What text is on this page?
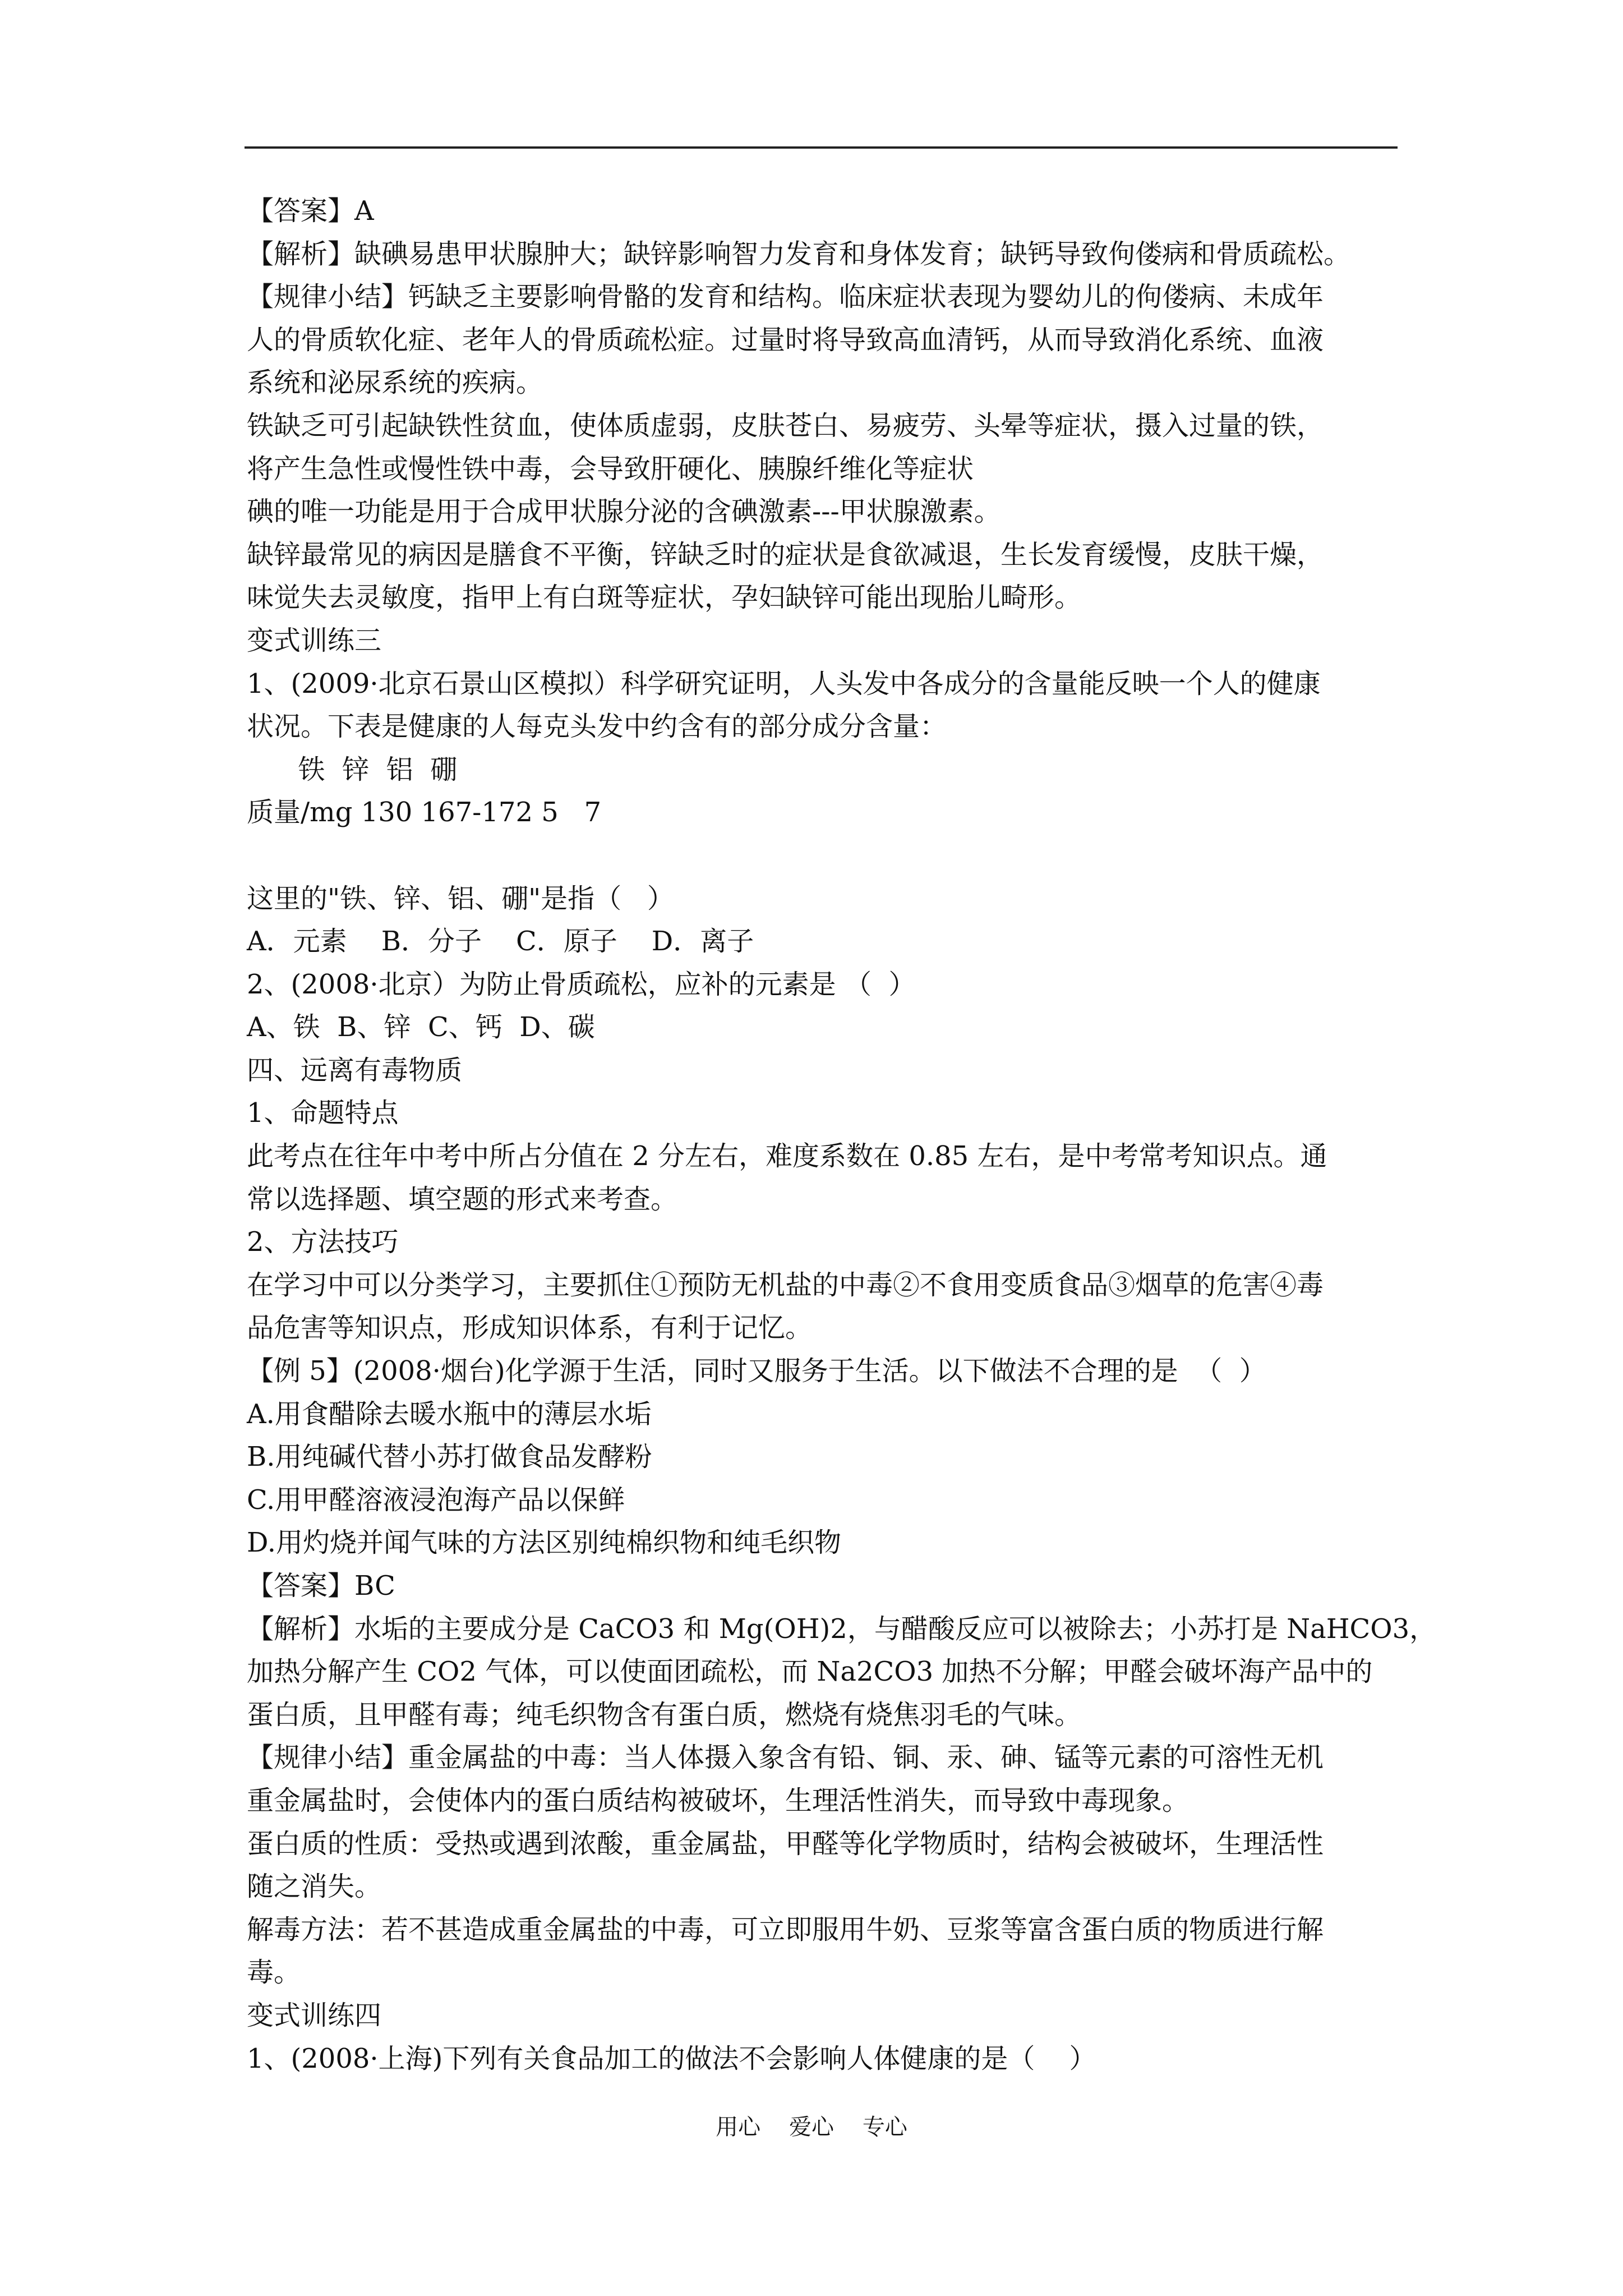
【答案】A
【解析】缺碘易患甲状腺肿大；缺锌影响智力发育和身体发育；缺钙导致佝偻病和骨质疏松。
【规律小结】钙缺乏主要影响骨骼的发育和结构。临床症状表现为婴幼儿的佝偻病、未成年
人的骨质软化症、老年人的骨质疏松症。过量时将导致高血清钙，从而导致消化系统、血液
系统和泌尿系统的疾病。
铁缺乏可引起缺铁性贫血，使体质虚弱，皮肤苍白、易疲劳、头晕等症状，摄入过量的铁，
将产生急性或慢性铁中毒，会导致肝硬化、胰腺纤维化等症状
碘的唯一功能是用于合成甲状腺分泌的含碘激素---甲状腺激素。
缺锌最常见的病因是膳食不平衡，锌缺乏时的症状是食欲减退，生长发育缓慢，皮肤干燥，
味觉失去灵敏度，指甲上有白斑等症状，孕妇缺锌可能出现胎儿畸形。
变式训练三
1、(2009·北京石景山区模拟）科学研究证明，人头发中各成分的含量能反映一个人的健康
状况。下表是健康的人每克头发中约含有的部分成分含量：
铁  锌  铝  硼
质量/mg 130 167-172 5   7
这里的"铁、锌、铝、硼"是指（   ）
A．元素    B．分子    C．原子    D．离子
2、(2008·北京）为防止骨质疏松，应补的元素是 （  ）
A、铁  B、锌  C、钙  D、碳
四、远离有毒物质
1、命题特点
此考点在往年中考中所占分值在 2 分左右，难度系数在 0.85 左右，是中考常考知识点。通
常以选择题、填空题的形式来考查。
2、方法技巧
在学习中可以分类学习，主要抓住①预防无机盐的中毒②不食用变质食品③烟草的危害④毒
品危害等知识点，形成知识体系，有利于记忆。
【例 5】(2008·烟台)化学源于生活，同时又服务于生活。以下做法不合理的是  （  ）
A.用食醋除去暖水瓶中的薄层水垢
B.用纯碱代替小苏打做食品发酵粉
C.用甲醛溶液浸泡海产品以保鲜
D.用灼烧并闻气味的方法区别纯棉织物和纯毛织物
【答案】BC
【解析】水垢的主要成分是 CaCO3 和 Mg(OH)2，与醋酸反应可以被除去；小苏打是 NaHCO3，
加热分解产生 CO2 气体，可以使面团疏松，而 Na2CO3 加热不分解；甲醛会破坏海产品中的
蛋白质，且甲醛有毒；纯毛织物含有蛋白质，燃烧有烧焦羽毛的气味。
【规律小结】重金属盐的中毒：当人体摄入象含有铅、铜、汞、砷、锰等元素的可溶性无机
重金属盐时，会使体内的蛋白质结构被破坏，生理活性消失，而导致中毒现象。
蛋白质的性质：受热或遇到浓酸，重金属盐，甲醛等化学物质时，结构会被破坏，生理活性
随之消失。
解毒方法：若不甚造成重金属盐的中毒，可立即服用牛奶、豆浆等富含蛋白质的物质进行解
毒。
变式训练四
1、(2008·上海)下列有关食品加工的做法不会影响人体健康的是（    ）
用心    爱心    专心
